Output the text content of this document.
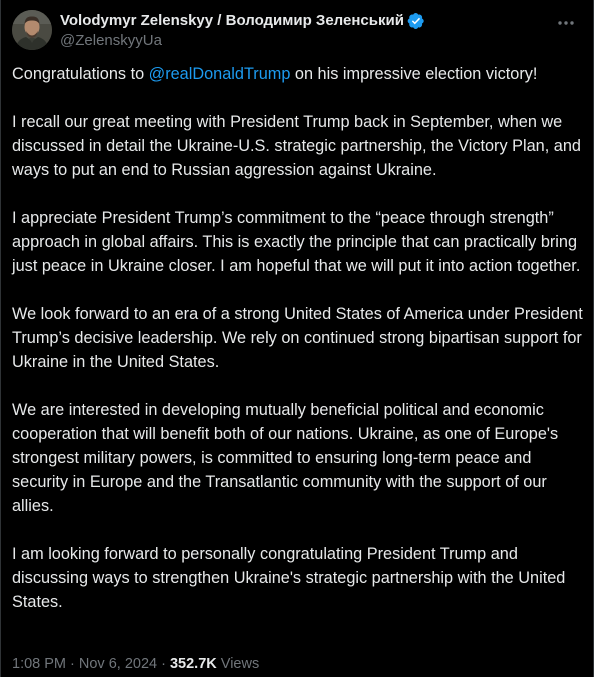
Volodymyr Zelenskyy / Володимир Зеленський
@ZelenskyyUa

Congratulations to @realDonaldTrump on his impressive election victory!

I recall our great meeting with President Trump back in September, when we discussed in detail the Ukraine-U.S. strategic partnership, the Victory Plan, and ways to put an end to Russian aggression against Ukraine.

I appreciate President Trump’s commitment to the “peace through strength” approach in global affairs. This is exactly the principle that can practically bring just peace in Ukraine closer. I am hopeful that we will put it into action together.

We look forward to an era of a strong United States of America under President Trump’s decisive leadership. We rely on continued strong bipartisan support for Ukraine in the United States.

We are interested in developing mutually beneficial political and economic cooperation that will benefit both of our nations. Ukraine, as one of Europe's strongest military powers, is committed to ensuring long-term peace and security in Europe and the Transatlantic community with the support of our allies.

I am looking forward to personally congratulating President Trump and discussing ways to strengthen Ukraine's strategic partnership with the United States.

1:08 PM · Nov 6, 2024 · 352.7K Views
